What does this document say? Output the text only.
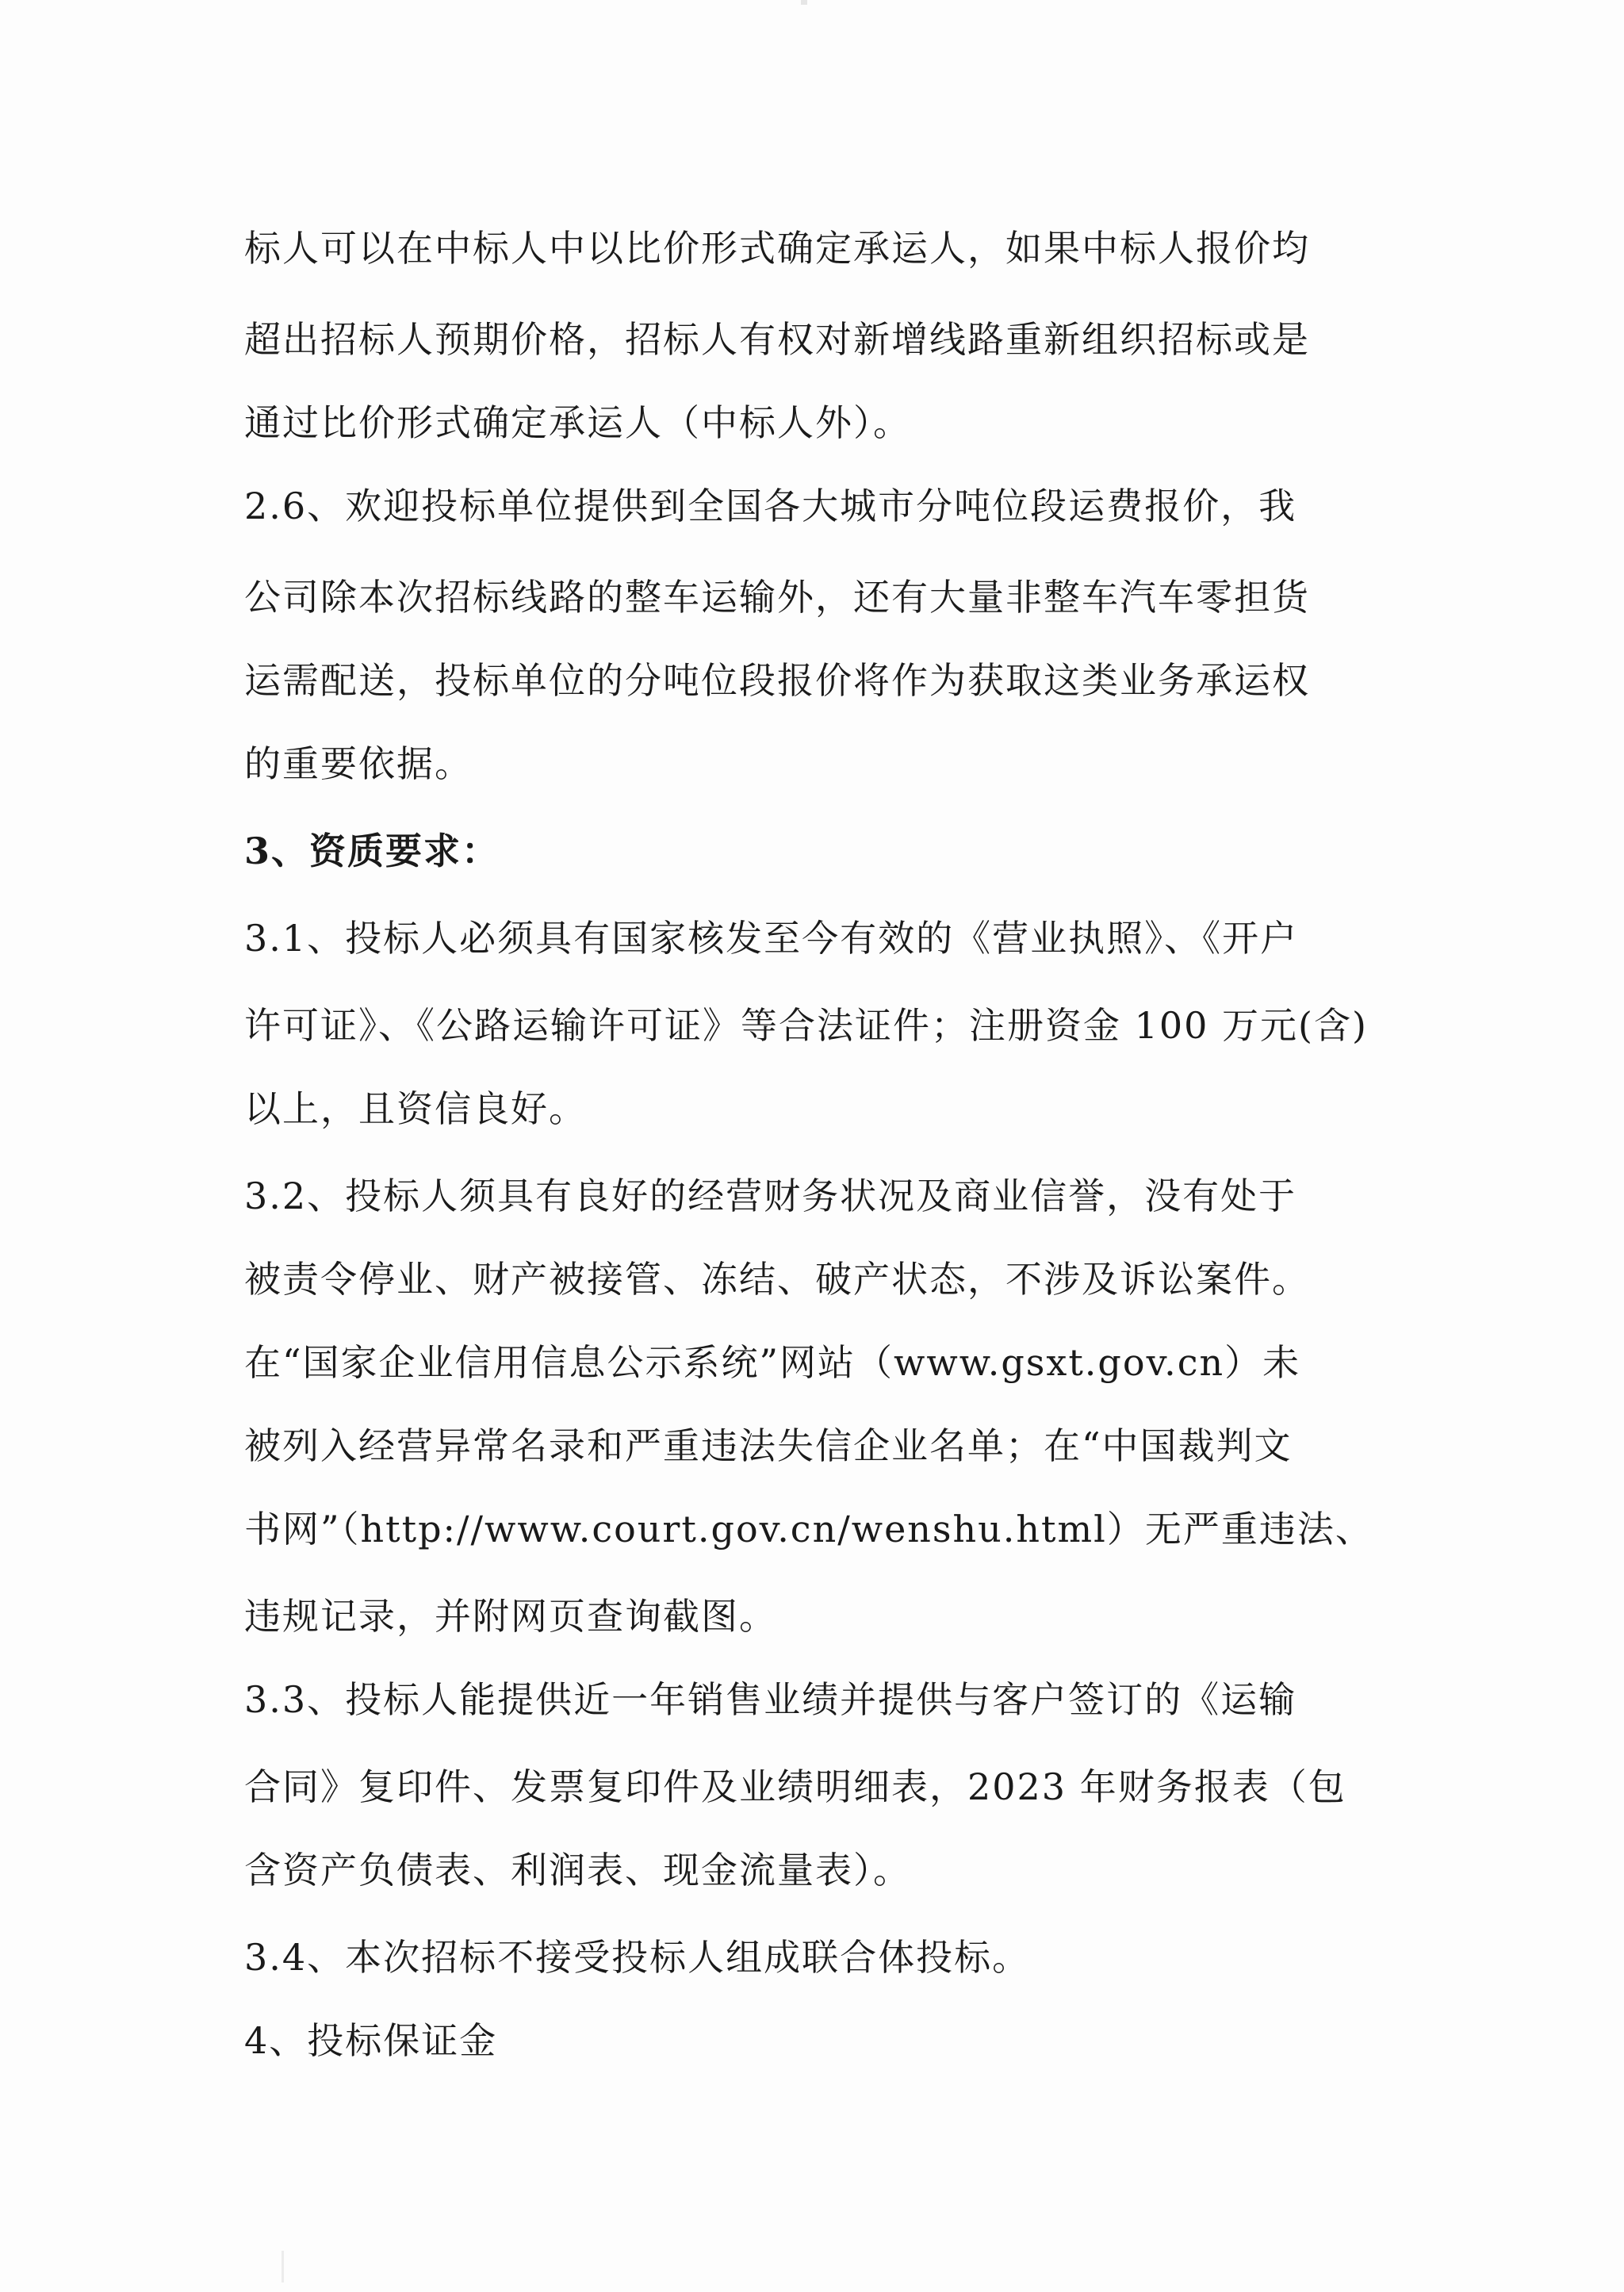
标人可以在中标人中以比价形式确定承运人，如果中标人报价均
超出招标人预期价格，招标人有权对新增线路重新组织招标或是
通过比价形式确定承运人（中标人外）。
2.6、欢迎投标单位提供到全国各大城市分吨位段运费报价，我
公司除本次招标线路的整车运输外，还有大量非整车汽车零担货
运需配送，投标单位的分吨位段报价将作为获取这类业务承运权
的重要依据。
3、资质要求：
3.1、投标人必须具有国家核发至今有效的《营业执照》、《开户
许可证》、《公路运输许可证》等合法证件；注册资金 100 万元(含)
以上，且资信良好。
3.2、投标人须具有良好的经营财务状况及商业信誉，没有处于
被责令停业、财产被接管、冻结、破产状态，不涉及诉讼案件。
在“国家企业信用信息公示系统”网站（www.gsxt.gov.cn）未
被列入经营异常名录和严重违法失信企业名单；在“中国裁判文
书网”（http://www.court.gov.cn/wenshu.html）无严重违法、
违规记录，并附网页查询截图。
3.3、投标人能提供近一年销售业绩并提供与客户签订的《运输
合同》复印件、发票复印件及业绩明细表，2023 年财务报表（包
含资产负债表、利润表、现金流量表）。
3.4、本次招标不接受投标人组成联合体投标。
4、投标保证金
